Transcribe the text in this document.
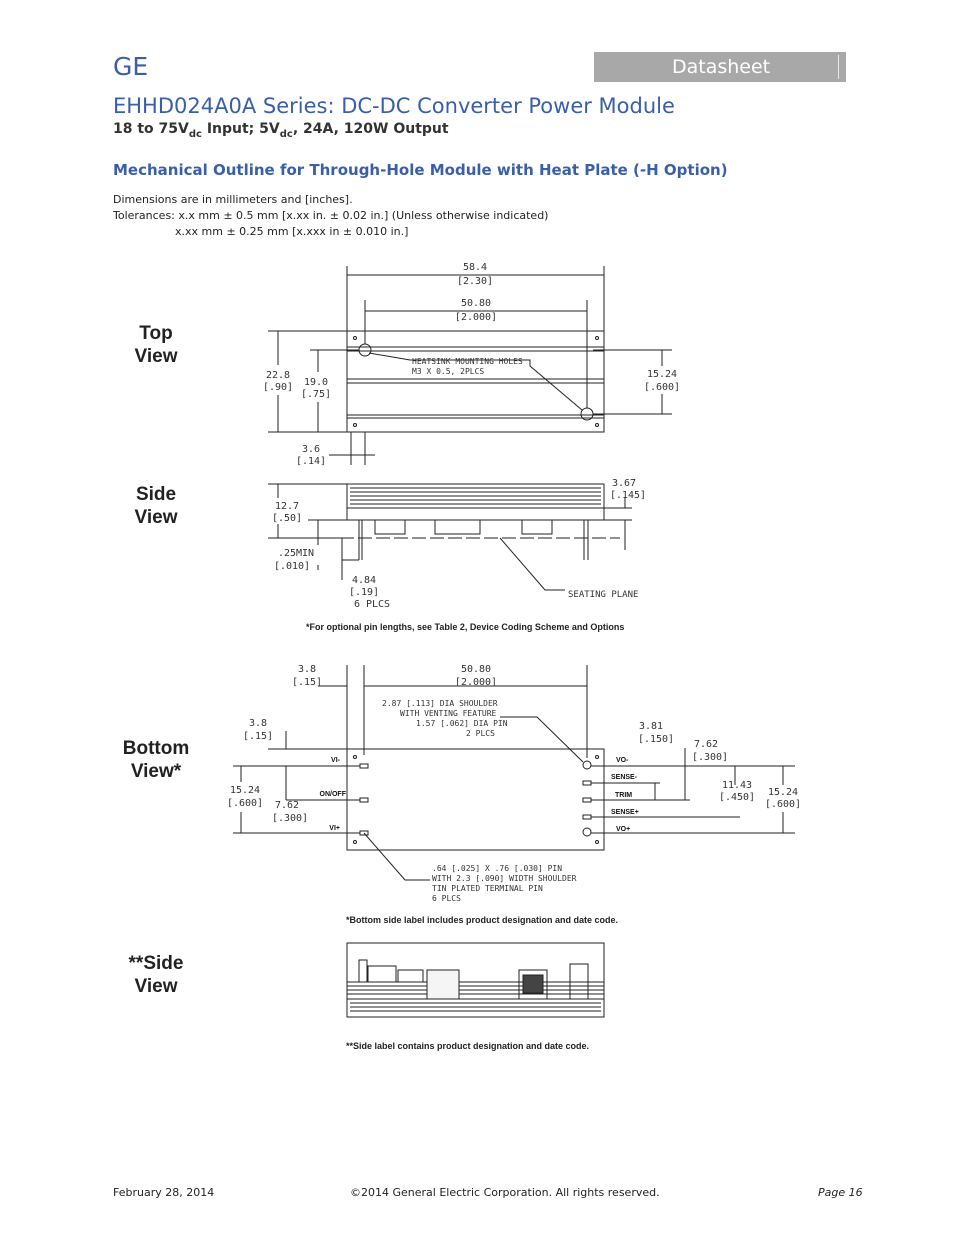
GE	Datasheet
EHHD024A0A Series: DC-DC Converter Power Module
18 to $75V_{dc}$ Input; $5V_{dc}$, 24A, 120W Output
Mechanical Outline for Through-Hole Module with Heat Plate (-H Option)
Dimensions are in millimeters and [inches].
Tolerances: x.x mm ± 0.5 mm [x.xx in. ± 0.02 in.] (Unless otherwise indicated)
x.xx mm ± 0.25 mm [x.xxx in ± 0.010 in.]
Top
View
Side
View
Bottom
View*
**Side
View
58.4
[2.30]
50.80
[2.000]
22.8
[.90] 19.0
[.75]
15.24
[.600]
3.6
[.14]
HEATSINK MOUNTING HOLES
M3 X 0.5, 2PLCS
12.7
[.50]
.25MIN
[.010]
4.84
[.19]
6 PLCS
3.67
[.145]
SEATING PLANE
3.8
[.15]
50.80
[2.000]
3.8
[.15]
15.24
[.600] 7.62
[.300]
3.81
[.150] 7.62
[.300]
11.43
[.450] 15.24
[.600]
2.87 [.113] DIA SHOULDER
WITH VENTING FEATURE
1.57 [.062] DIA PIN
2 PLCS
.64 [.025] X .76 [.030] PIN
WITH 2.3 [.090] WIDTH SHOULDER
TIN PLATED TERMINAL PIN
6 PLCS
VI-
ON/OFF
VI+
VO-
SENSE-
TRIM
SENSE+
VO+
*For optional pin lengths, see Table 2, Device Coding Scheme and Options
*Bottom side label includes product designation and date code.
**Side label contains product designation and date code.
February 28, 2014	©2014 General Electric Corporation. All rights reserved.	Page 16
